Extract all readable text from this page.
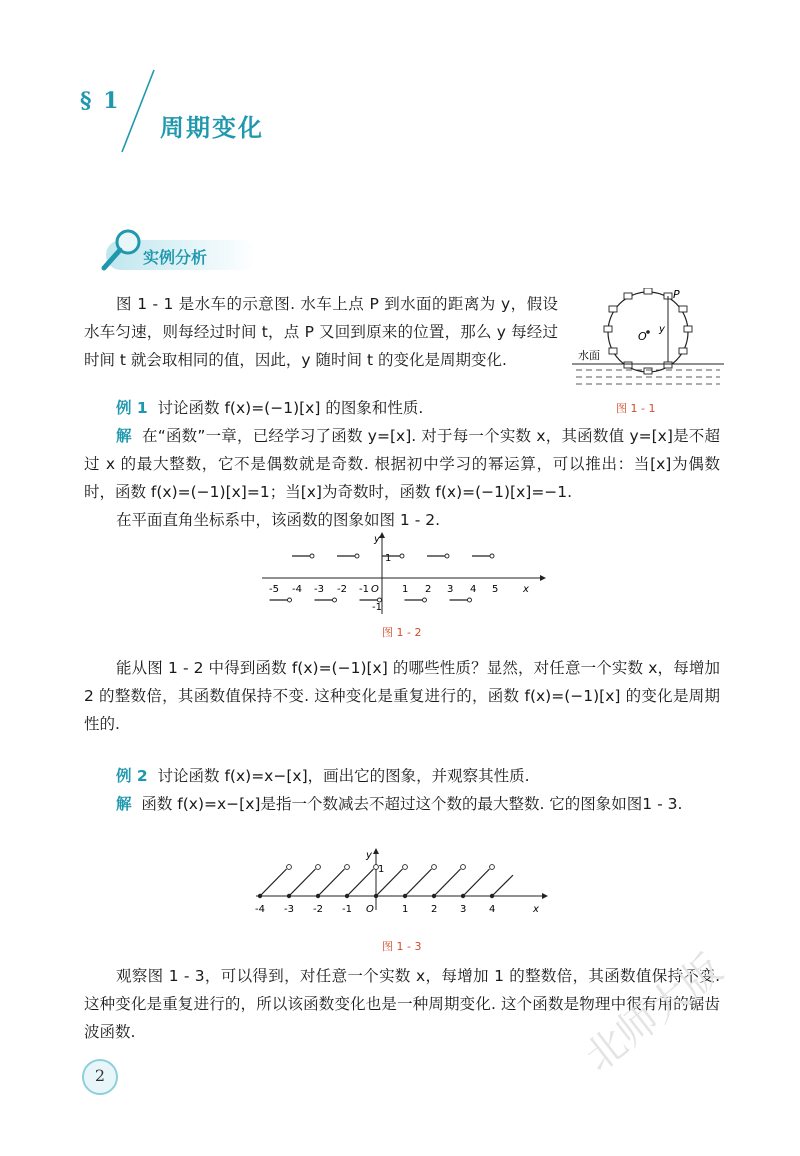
§ 1
周期变化
实例分析

图 1 - 1 是水车的示意图. 水车上点 P 到水面的距离为 y，假设水车匀速，则每经过时间 t，点 P 又回到原来的位置，那么 y 每经过时间 t 就会取相同的值，因此，y 随时间 t 的变化是周期变化.

O
P
y
水面
图 1 - 1

例 1 讨论函数 f(x)=(−1)[x] 的图象和性质.

解 在“函数”一章，已经学习了函数 y=[x]. 对于每一个实数 x，其函数值 y=[x]是不超过 x 的最大整数，它不是偶数就是奇数. 根据初中学习的幂运算，可以推出：当[x]为偶数时，函数 f(x)=(−1)[x]=1；当[x]为奇数时，函数 f(x)=(−1)[x]=−1.

在平面直角坐标系中，该函数的图象如图 1 - 2.

x
y
O
1
-1
-5 -4 -3 -2 -1	1 2 3 4 5
图 1 - 2

能从图 1 - 2 中得到函数 f(x)=(−1)[x] 的哪些性质？显然，对任意一个实数 x，每增加 2 的整数倍，其函数值保持不变. 这种变化是重复进行的，函数 f(x)=(−1)[x] 的变化是周期性的.

例 2 讨论函数 f(x)=x−[x]，画出它的图象，并观察其性质.

解 函数 f(x)=x−[x]是指一个数减去不超过这个数的最大整数. 它的图象如图1 - 3.

x
y
O
1
-4 -3 -2 -1	1 2 3 4
图 1 - 3

观察图 1 - 3，可以得到，对任意一个实数 x，每增加 1 的整数倍，其函数值保持不变. 这种变化是重复进行的，所以该函数变化也是一种周期变化. 这个函数是物理中很有用的锯齿波函数.

2	北师大版
